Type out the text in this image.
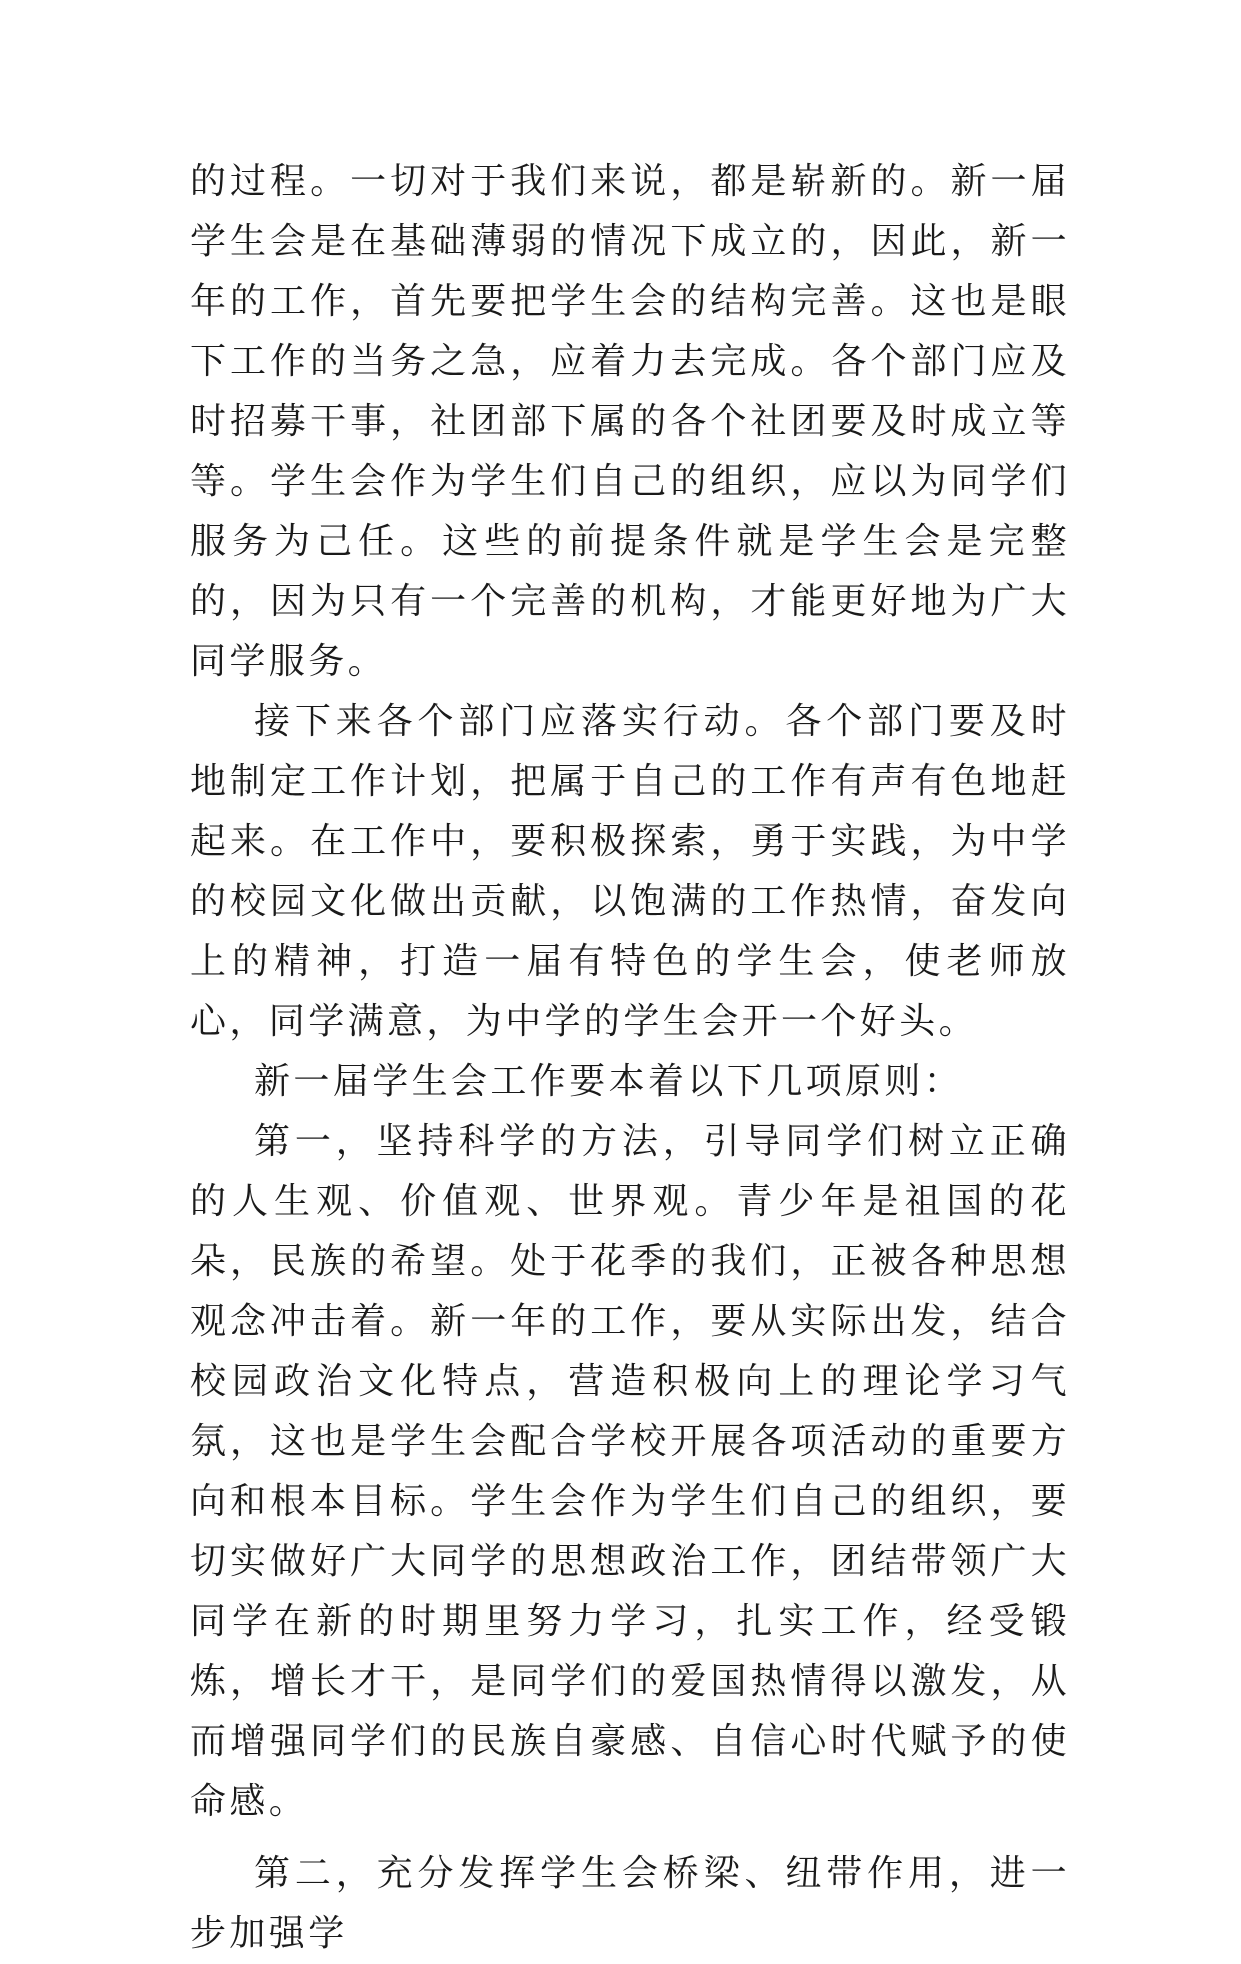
的过程。一切对于我们来说，都是崭新的。新一届学生会是在基础薄弱的情况下成立的，因此，新一年的工作，首先要把学生会的结构完善。这也是眼下工作的当务之急，应着力去完成。各个部门应及时招募干事，社团部下属的各个社团要及时成立等等。学生会作为学生们自己的组织，应以为同学们服务为己任。这些的前提条件就是学生会是完整的，因为只有一个完善的机构，才能更好地为广大同学服务。

接下来各个部门应落实行动。各个部门要及时地制定工作计划，把属于自己的工作有声有色地赶起来。在工作中，要积极探索，勇于实践，为中学的校园文化做出贡献，以饱满的工作热情，奋发向上的精神，打造一届有特色的学生会，使老师放心，同学满意，为中学的学生会开一个好头。

新一届学生会工作要本着以下几项原则：

第一，坚持科学的方法，引导同学们树立正确的人生观、价值观、世界观。青少年是祖国的花朵，民族的希望。处于花季的我们，正被各种思想观念冲击着。新一年的工作，要从实际出发，结合校园政治文化特点，营造积极向上的理论学习气氛，这也是学生会配合学校开展各项活动的重要方向和根本目标。学生会作为学生们自己的组织，要切实做好广大同学的思想政治工作，团结带领广大同学在新的时期里努力学习，扎实工作，经受锻炼，增长才干，是同学们的爱国热情得以激发，从而增强同学们的民族自豪感、自信心时代赋予的使命感。

第二，充分发挥学生会桥梁、纽带作用，进一步加强学
